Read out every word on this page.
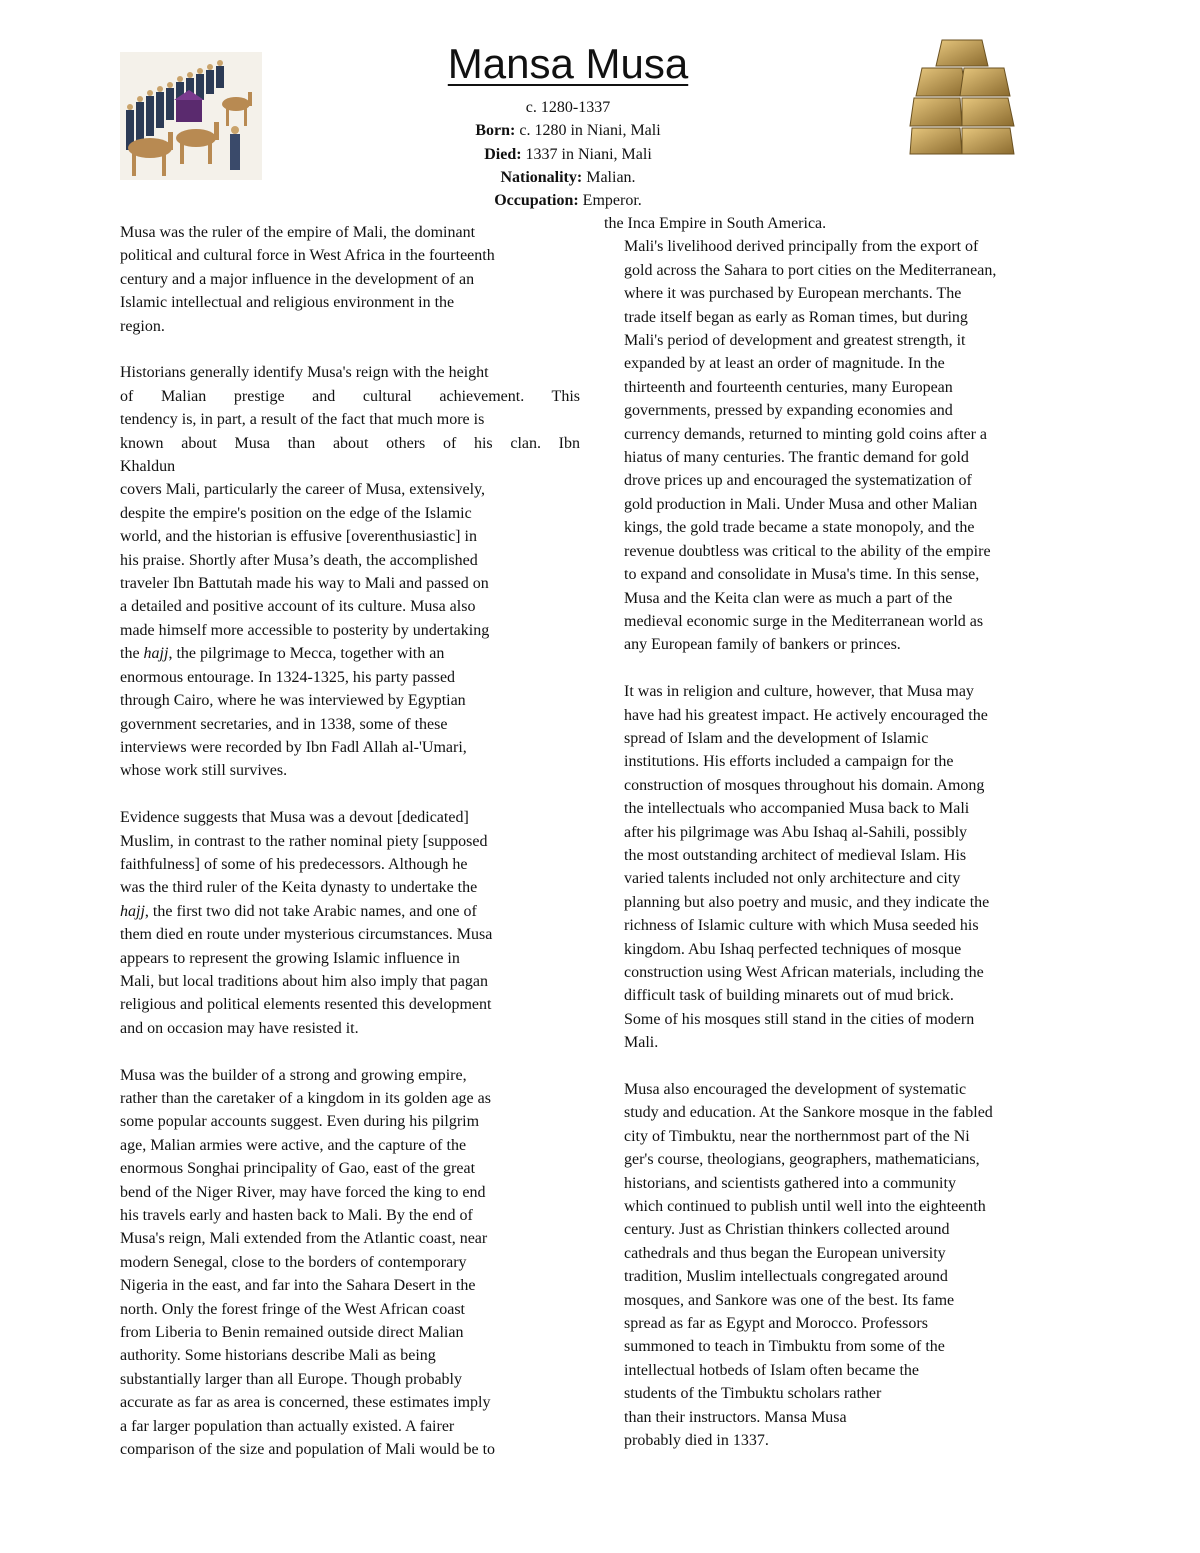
Mansa Musa
c. 1280-1337
Born: c. 1280 in Niani, Mali
Died: 1337 in Niani, Mali
Nationality: Malian.
Occupation: Emperor.

Musa was the ruler of the empire of Mali, the dominant

political and cultural force in West Africa in the fourteenth

century and a major influence in the development of an

Islamic intellectual and religious environment in the

region.

Historians generally identify Musa's reign with the height

of Malian prestige and cultural achievement. This

tendency is, in part, a result of the fact that much more is

known about Musa than about others of his clan. Ibn

Khaldun

covers Mali, particularly the career of Musa, extensively,

despite the empire's position on the edge of the Islamic

world, and the historian is effusive [overenthusiastic] in

his praise. Shortly after Musa’s death, the accomplished

traveler Ibn Battutah made his way to Mali and passed on

a detailed and positive account of its culture. Musa also

made himself more accessible to posterity by undertaking

the hajj, the pilgrimage to Mecca, together with an

enormous entourage. In 1324-1325, his party passed

through Cairo, where he was interviewed by Egyptian

government secretaries, and in 1338, some of these

interviews were recorded by Ibn Fadl Allah al-'Umari,

whose work still survives.

Evidence suggests that Musa was a devout [dedicated]

Muslim, in contrast to the rather nominal piety [supposed

faithfulness] of some of his predecessors. Although he

was the third ruler of the Keita dynasty to undertake the

hajj, the first two did not take Arabic names, and one of

them died en route under mysterious circumstances. Musa

appears to represent the growing Islamic influence in

Mali, but local traditions about him also imply that pagan

religious and political elements resented this development

and on occasion may have resisted it.

Musa was the builder of a strong and growing empire,

rather than the caretaker of a kingdom in its golden age as

some popular accounts suggest. Even during his pilgrim

age, Malian armies were active, and the capture of the

enormous Songhai principality of Gao, east of the great

bend of the Niger River, may have forced the king to end

his travels early and hasten back to Mali. By the end of

Musa's reign, Mali extended from the Atlantic coast, near

modern Senegal, close to the borders of contemporary

Nigeria in the east, and far into the Sahara Desert in the

north. Only the forest fringe of the West African coast

from Liberia to Benin remained outside direct Malian

authority. Some historians describe Mali as being

substantially larger than all Europe. Though probably

accurate as far as area is concerned, these estimates imply

a far larger population than actually existed. A fairer

comparison of the size and population of Mali would be to

the Inca Empire in South America.

Mali's livelihood derived principally from the export of

gold across the Sahara to port cities on the Mediterranean,

where it was purchased by European merchants. The

trade itself began as early as Roman times, but during

Mali's period of development and greatest strength, it

expanded by at least an order of magnitude. In the

thirteenth and fourteenth centuries, many European

governments, pressed by expanding economies and

currency demands, returned to minting gold coins after a

hiatus of many centuries. The frantic demand for gold

drove prices up and encouraged the systematization of

gold production in Mali. Under Musa and other Malian

kings, the gold trade became a state monopoly, and the

revenue doubtless was critical to the ability of the empire

to expand and consolidate in Musa's time. In this sense,

Musa and the Keita clan were as much a part of the

medieval economic surge in the Mediterranean world as

any European family of bankers or princes.

It was in religion and culture, however, that Musa may

have had his greatest impact. He actively encouraged the

spread of Islam and the development of Islamic

institutions. His efforts included a campaign for the

construction of mosques throughout his domain. Among

the intellectuals who accompanied Musa back to Mali

after his pilgrimage was Abu Ishaq al-Sahili, possibly

the most outstanding architect of medieval Islam. His

varied talents included not only architecture and city

planning but also poetry and music, and they indicate the

richness of Islamic culture with which Musa seeded his

kingdom. Abu Ishaq perfected techniques of mosque

construction using West African materials, including the

difficult task of building minarets out of mud brick.

Some of his mosques still stand in the cities of modern

Mali.

Musa also encouraged the development of systematic

study and education. At the Sankore mosque in the fabled

city of Timbuktu, near the northernmost part of the Ni

ger's course, theologians, geographers, mathematicians,

historians, and scientists gathered into a community

which continued to publish until well into the eighteenth

century. Just as Christian thinkers collected around

cathedrals and thus began the European university

tradition, Muslim intellectuals congregated around

mosques, and Sankore was one of the best. Its fame

spread as far as Egypt and Morocco. Professors

summoned to teach in Timbuktu from some of the

intellectual hotbeds of Islam often became the

students of the Timbuktu scholars rather

than their instructors. Mansa Musa

probably died in 1337.
